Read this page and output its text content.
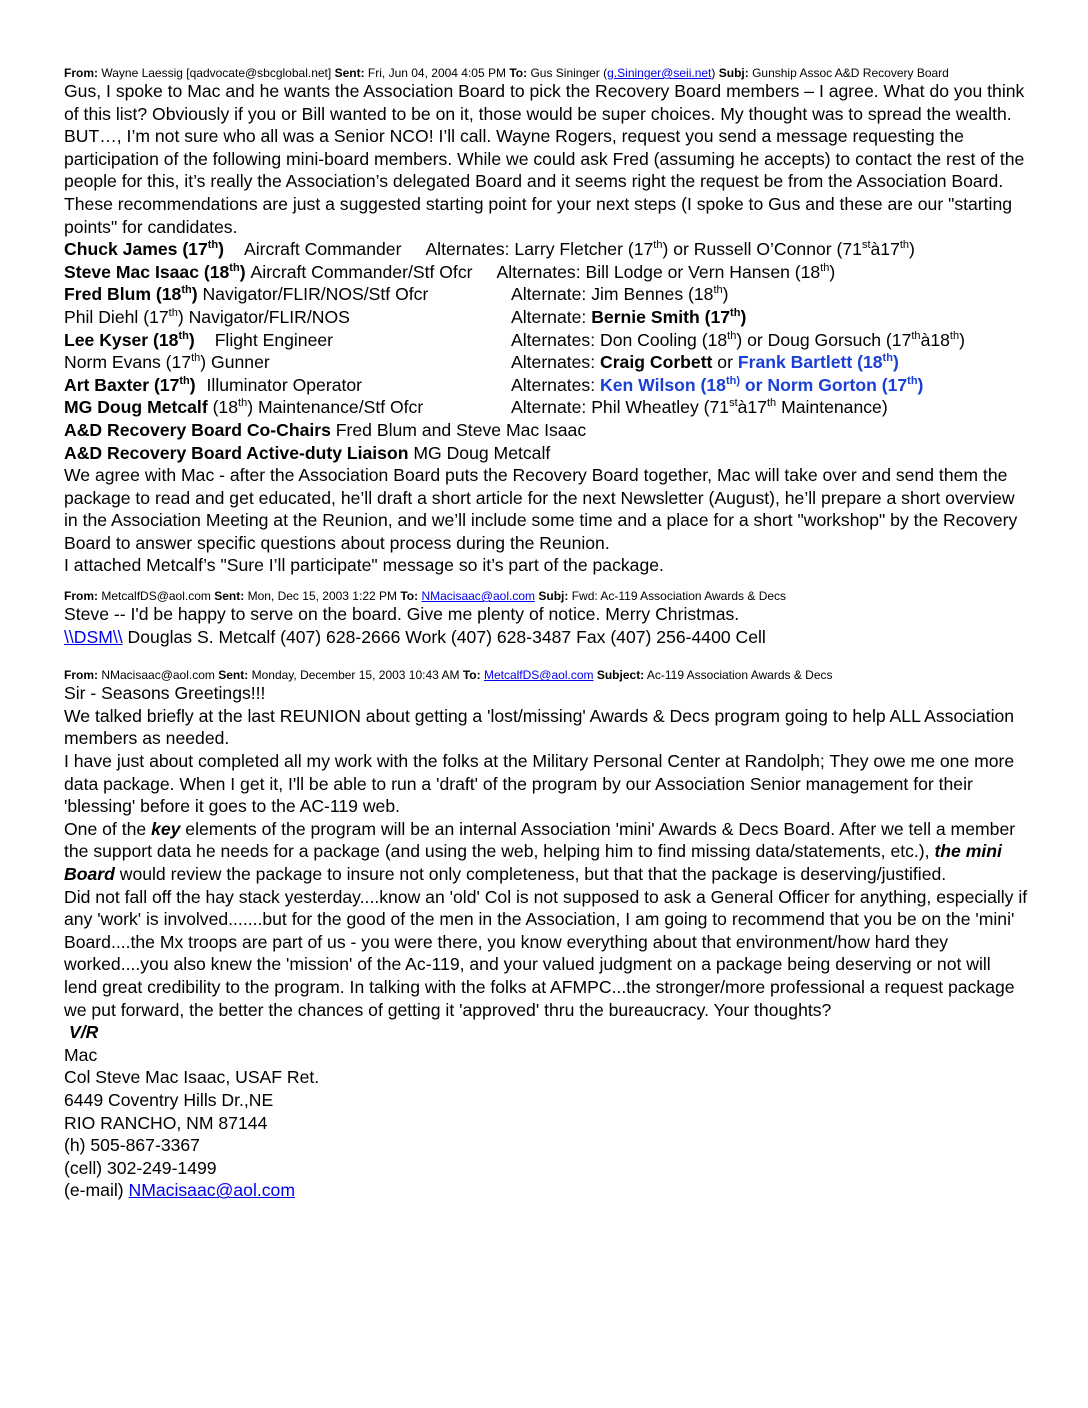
From: Wayne Laessig [qadvocate@sbcglobal.net] Sent: Fri, Jun 04, 2004 4:05 PM To: Gus Sininger (g.Sininger@seii.net) Subj: Gunship Assoc A&D Recovery Board

Gus, I spoke to Mac and he wants the Association Board to pick the Recovery Board members – I agree. What do you think of this list? Obviously if you or Bill wanted to be on it, those would be super choices. My thought was to spread the wealth. BUT…, I’m not sure who all was a Senior NCO! I’ll call. Wayne Rogers, request you send a message requesting the participation of the following mini-board members. While we could ask Fred (assuming he accepts) to contact the rest of the people for this, it’s really the Association’s delegated Board and it seems right the request be from the Association Board. These recommendations are just a suggested starting point for your next steps (I spoke to Gus and these are our "starting points" for candidates.

Chuck James (17th) Aircraft Commander Alternates: Larry Fletcher (17th) or Russell O’Connor (71stà17th)
Steve Mac Isaac (18th) Aircraft Commander/Stf Ofcr Alternates: Bill Lodge or Vern Hansen (18th)
Fred Blum (18th) Navigator/FLIR/NOS/Stf Ofcr	Alternate: Jim Bennes (18th)
Phil Diehl (17th) Navigator/FLIR/NOS	Alternate: Bernie Smith (17th)
Lee Kyser (18th) Flight Engineer	Alternates: Don Cooling (18th) or Doug Gorsuch (17thà18th)
Norm Evans (17th) Gunner	Alternates: Craig Corbett or Frank Bartlett (18th)
Art Baxter (17th) Illuminator Operator	Alternates: Ken Wilson ($18^{th)}$ or Norm Gorton (17th)
MG Doug Metcalf (18th) Maintenance/Stf Ofcr	Alternate: Phil Wheatley (71stà17th Maintenance)

A&D Recovery Board Co-Chairs Fred Blum and Steve Mac Isaac

A&D Recovery Board Active-duty Liaison MG Doug Metcalf

We agree with Mac - after the Association Board puts the Recovery Board together, Mac will take over and send them the package to read and get educated, he’ll draft a short article for the next Newsletter (August), he’ll prepare a short overview in the Association Meeting at the Reunion, and we’ll include some time and a place for a short "workshop" by the Recovery Board to answer specific questions about process during the Reunion.

I attached Metcalf’s "Sure I’ll participate" message so it’s part of the package.

From: MetcalfDS@aol.com Sent: Mon, Dec 15, 2003 1:22 PM To: NMacisaac@aol.com Subj: Fwd: Ac-119 Association Awards & Decs

Steve -- I'd be happy to serve on the board. Give me plenty of notice. Merry Christmas.

\\DSM\\ Douglas S. Metcalf (407) 628-2666 Work (407) 628-3487 Fax (407) 256-4400 Cell

From: NMacisaac@aol.com Sent: Monday, December 15, 2003 10:43 AM To: MetcalfDS@aol.com Subject: Ac-119 Association Awards & Decs

Sir - Seasons Greetings!!!

We talked briefly at the last REUNION about getting a 'lost/missing' Awards & Decs program going to help ALL Association members as needed.

I have just about completed all my work with the folks at the Military Personal Center at Randolph; They owe me one more data package. When I get it, I'll be able to run a 'draft' of the program by our Association Senior management for their 'blessing' before it goes to the AC-119 web.

One of the key elements of the program will be an internal Association 'mini' Awards & Decs Board. After we tell a member the support data he needs for a package (and using the web, helping him to find missing data/statements, etc.), the mini Board would review the package to insure not only completeness, but that that the package is deserving/justified.

Did not fall off the hay stack yesterday....know an 'old' Col is not supposed to ask a General Officer for anything, especially if any 'work' is involved.......but for the good of the men in the Association, I am going to recommend that you be on the 'mini' Board....the Mx troops are part of us - you were there, you know everything about that environment/how hard they worked....you also knew the 'mission' of the Ac-119, and your valued judgment on a package being deserving or not will lend great credibility to the program. In talking with the folks at AFMPC...the stronger/more professional a request package we put forward, the better the chances of getting it 'approved' thru the bureaucracy. Your thoughts?

V/R

Mac

Col Steve Mac Isaac, USAF Ret.

6449 Coventry Hills Dr.,NE

RIO RANCHO, NM 87144

(h) 505-867-3367

(cell) 302-249-1499

(e-mail) NMacisaac@aol.com
